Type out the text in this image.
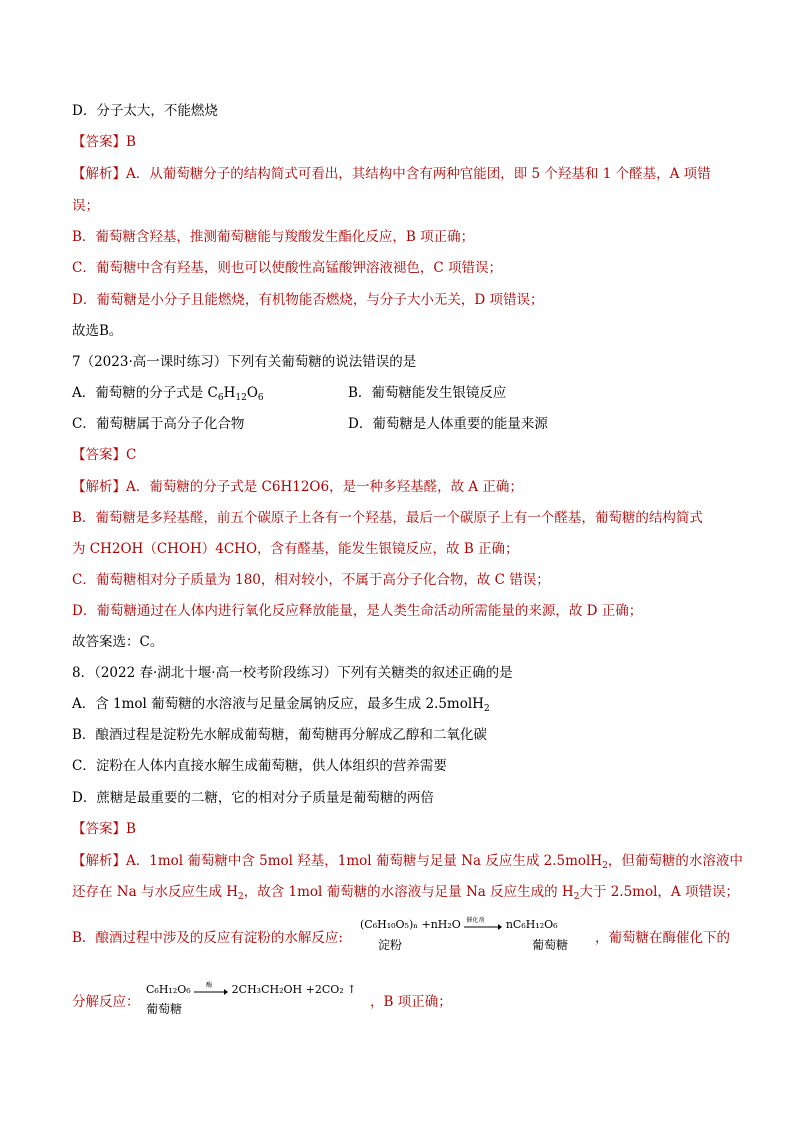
D．分子太大，不能燃烧
【答案】B
【解析】A．从葡萄糖分子的结构简式可看出，其结构中含有两种官能团，即 5 个羟基和 1 个醛基，A 项错
误；
B．葡萄糖含羟基，推测葡萄糖能与羧酸发生酯化反应，B 项正确；
C．葡萄糖中含有羟基，则也可以使酸性高锰酸钾溶液褪色，C 项错误；
D．葡萄糖是小分子且能燃烧，有机物能否燃烧，与分子大小无关，D 项错误；
故选B。
7（2023·高一课时练习）下列有关葡萄糖的说法错误的是
A．葡萄糖的分子式是 $C_6H_{12}O_6$	B．葡萄糖能发生银镜反应
C．葡萄糖属于高分子化合物	D．葡萄糖是人体重要的能量来源
【答案】C
【解析】A．葡萄糖的分子式是 C6H12O6，是一种多羟基醛，故 A 正确；
B．葡萄糖是多羟基醛，前五个碳原子上各有一个羟基，最后一个碳原子上有一个醛基，葡萄糖的结构简式
为 CH2OH（CHOH）4CHO，含有醛基，能发生银镜反应，故 B 正确；
C．葡萄糖相对分子质量为 180，相对较小，不属于高分子化合物，故 C 错误；
D．葡萄糖通过在人体内进行氧化反应释放能量，是人类生命活动所需能量的来源，故 D 正确；
故答案选：C。
8．（2022 春·湖北十堰·高一校考阶段练习）下列有关糖类的叙述正确的是
A．含 1mol 葡萄糖的水溶液与足量金属钠反应，最多生成 2.5molH$_2$
B．酿酒过程是淀粉先水解成葡萄糖，葡萄糖再分解成乙醇和二氧化碳
C．淀粉在人体内直接水解生成葡萄糖，供人体组织的营养需要
D．蔗糖是最重要的二糖，它的相对分子质量是葡萄糖的两倍
【答案】B
【解析】A．1mol 葡萄糖中含 5mol 羟基，1mol 葡萄糖与足量 Na 反应生成 2.5molH$_2$，但葡萄糖的水溶液中
还存在 Na 与水反应生成 $H_2$，故含 1mol 葡萄糖的水溶液与足量 Na 反应生成的 $H_2$大于 2.5mol，A 项错误；
B．酿酒过程中涉及的反应有淀粉的水解反应:
(C₆H₁₀O₅)ₙ +nH₂O 催化剂 nC₆H₁₂O₆
淀粉	葡萄糖 ，葡萄糖在酶催化下的
分解反应：
C₆H₁₂O₆	酶 2CH₃CH₂OH +2CO₂ ↑
葡萄糖	，B 项正确；
